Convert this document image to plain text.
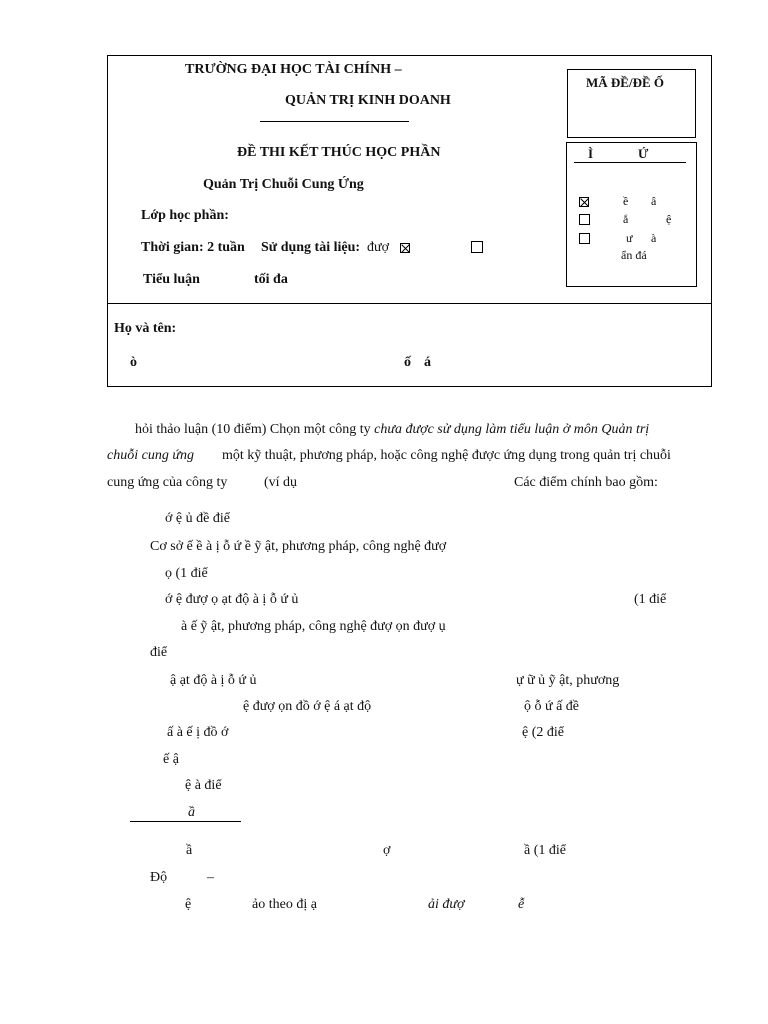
TRƯỜNG ĐẠI HỌC TÀI CHÍNH –
QUẢN TRỊ KINH DOANH
ĐỀ THI KẾT THÚC HỌC PHẦN
Quản Trị Chuỗi Cung Ứng
Lớp học phần:
Thời gian: 2 tuần Sử dụng tài liệu: đượ
Tiểu luận	tối đa
MÃ ĐỀ/ĐỀ Ố
Ì	Ứ
ề â
ắ	ệ
ư à
ẩn đá
Họ và tên:
ò	ố á
hỏi thảo luận (10 điểm) Chọn một công ty chưa được sử dụng làm tiểu luận ở môn Quản trị
chuỗi cung ứng một kỹ thuật, phương pháp, hoặc công nghệ được ứng dụng trong quản trị chuỗi
cung ứng của công ty	(ví dụ	Các điểm chính bao gồm:
ớ ệ ủ đề điể
Cơ sở ế ề à ị ỗ ứ ề ỹ ật, phương pháp, công nghệ đượ
ọ (1 điể
ớ ệ đượ ọ ạt độ à ị ỗ ứ ủ	(1 điể
à ế ỹ ật, phương pháp, công nghệ đượ ọn đượ ụ
điể
ậ ạt độ à ị ỗ ứ ủ	ự ữ ủ ỹ ật, phương
ệ đượ ọn đồ ớ ệ á ạt độ	ộ ỗ ứ ấ đề
ấ à ế ị đồ ớ	ệ (2 điể
ế ậ
ệ à điể
ầ
ầ	ợ	ầ (1 điể
Độ	–
ệ	ảo theo đị ạ	ải đượ	ễ
